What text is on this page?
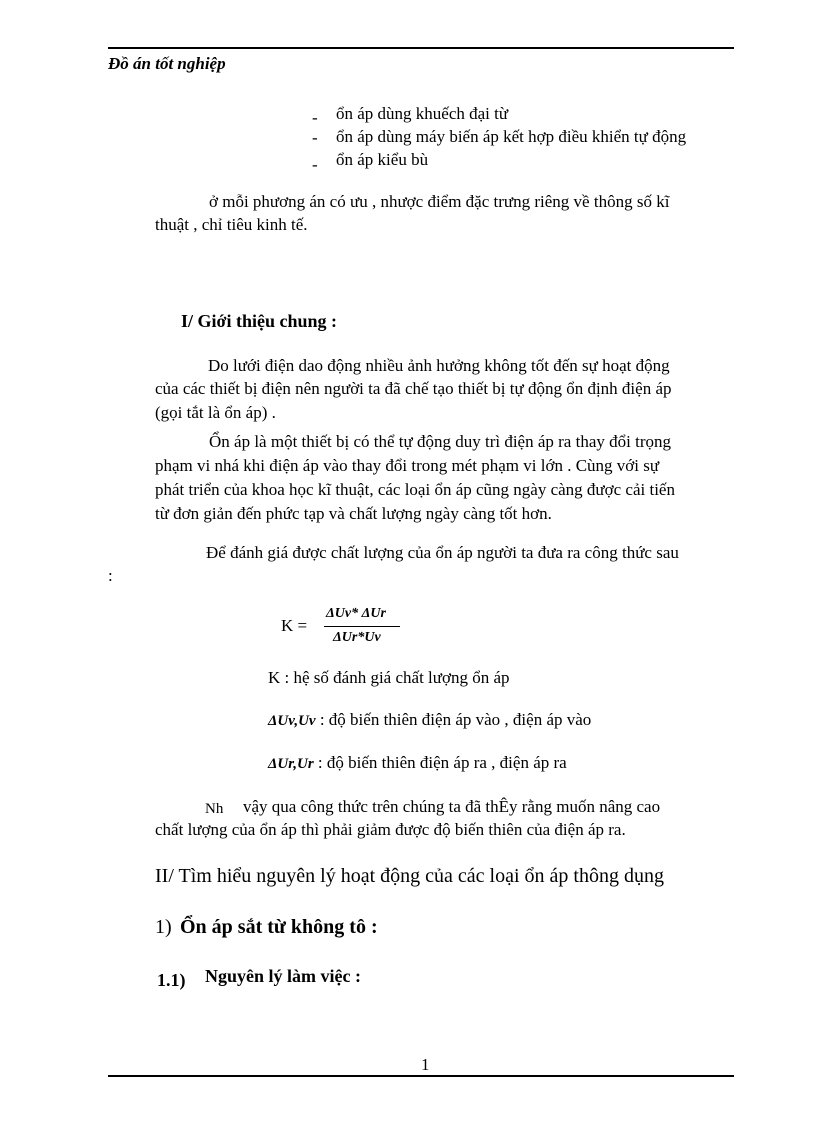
Đồ án tốt nghiệp
- ổn áp dùng khuếch đại từ
- ổn áp dùng máy biến áp kết hợp điều khiển tự động
- ổn áp kiểu bù
ở mỗi phương án có ưu , nhược điểm đặc trưng riêng về thông số kĩ
thuật , chỉ tiêu kinh tế.
I/ Giới thiệu chung :
Do lưới điện dao động nhiều ảnh hưởng không tốt đến sự hoạt động
của các thiết bị điện nên người ta đã chế tạo thiết bị tự động ổn định điện áp
(gọi tắt là ổn áp) .
Ổn áp là một thiết bị có thể tự động duy trì điện áp ra thay đổi trọng
phạm vi nhá khi điện áp vào thay đổi trong mét phạm vi lớn . Cùng với sự
phát triển của khoa học kĩ thuật, các loại ổn áp cũng ngày càng được cải tiến
từ đơn giản đến phức tạp và chất lượng ngày càng tốt hơn.
Để đánh giá được chất lượng của ổn áp người ta đưa ra công thức sau
:
K =
ΔUv* ΔUr
ΔUr*Uv
K : hệ số đánh giá chất lượng ổn áp
ΔUv,Uv : độ biến thiên điện áp vào , điện áp vào
ΔUr,Ur : độ biến thiên điện áp ra , điện áp ra
Nh vậy qua công thức trên chúng ta đã thÊy rằng muốn nâng cao
chất lượng của ổn áp thì phải giảm được độ biến thiên của điện áp ra.
II/ Tìm hiểu nguyên lý hoạt động của các loại ổn áp thông dụng
1) Ổn áp sắt từ không tô :
1.1) Nguyên lý làm việc :
1
